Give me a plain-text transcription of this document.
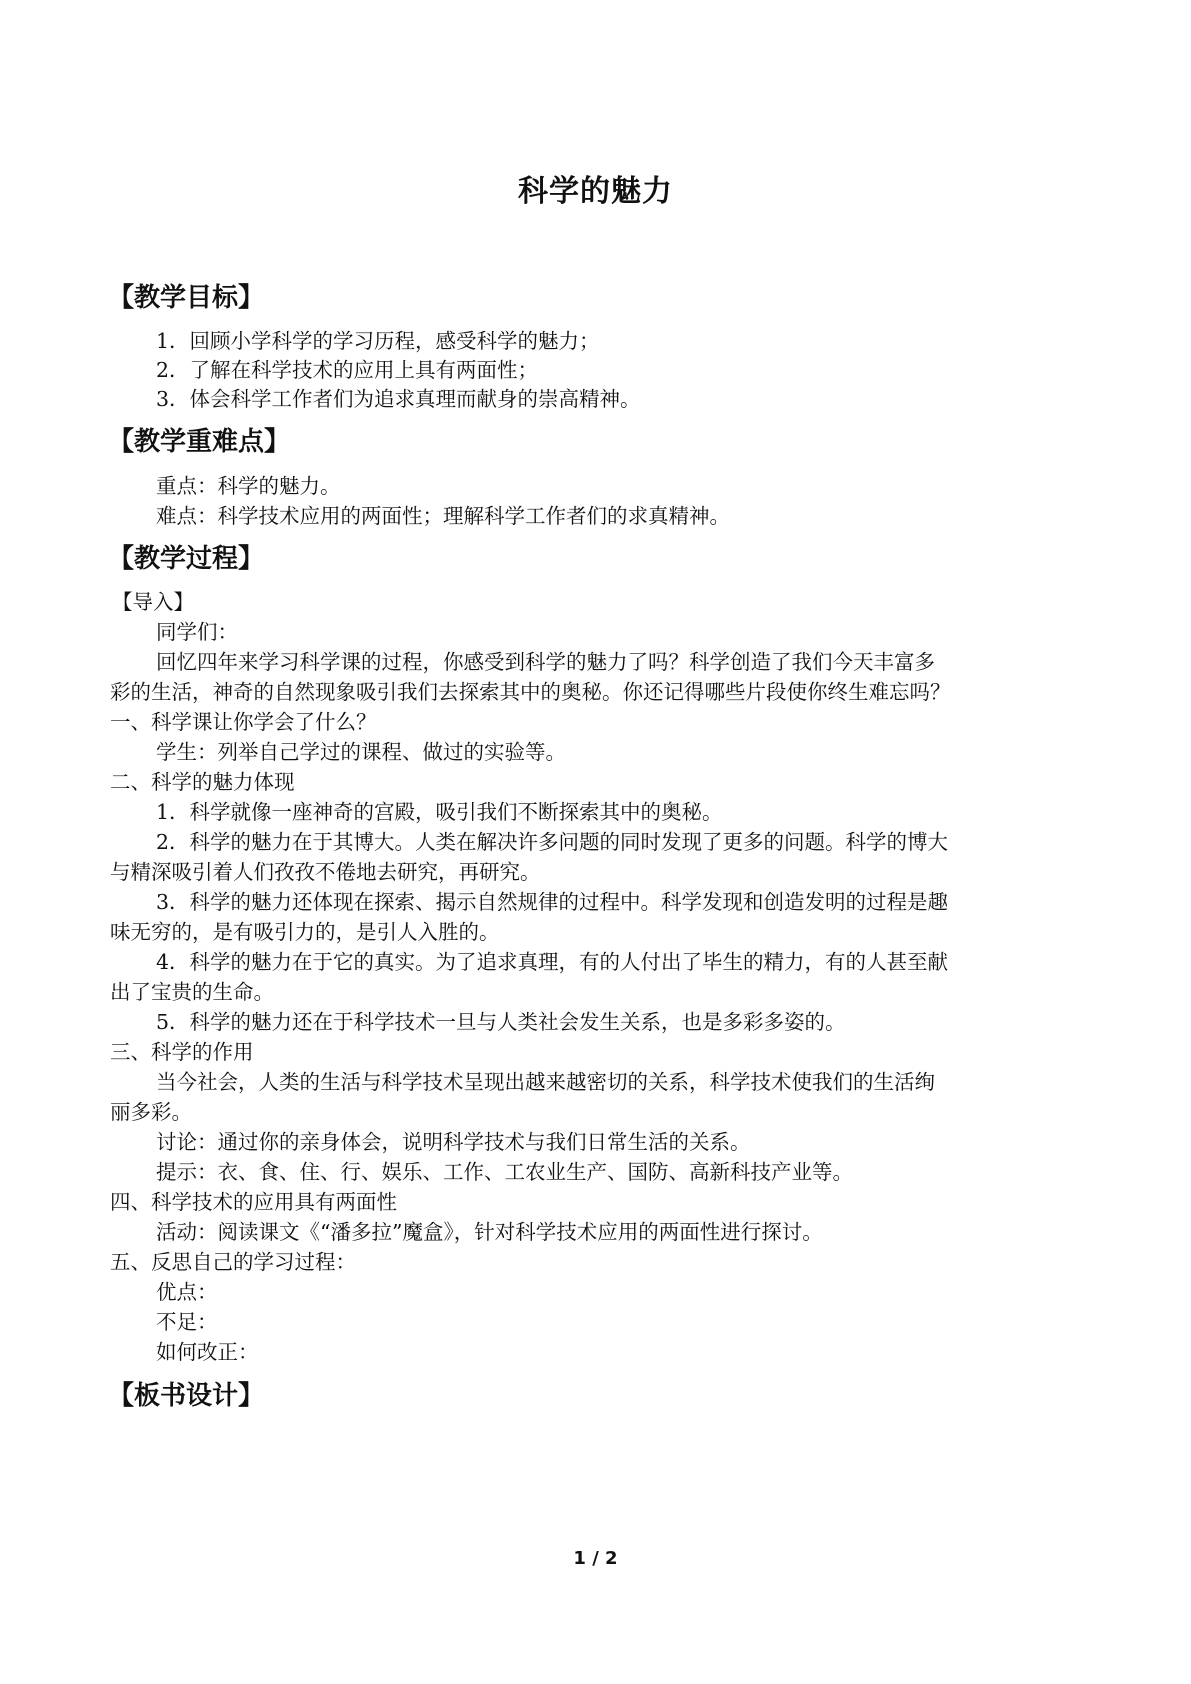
科学的魅力
【教学目标】
1．回顾小学科学的学习历程，感受科学的魅力；
2．了解在科学技术的应用上具有两面性；
3．体会科学工作者们为追求真理而献身的崇高精神。
【教学重难点】
重点：科学的魅力。
难点：科学技术应用的两面性；理解科学工作者们的求真精神。
【教学过程】
【导入】
同学们：
回忆四年来学习科学课的过程，你感受到科学的魅力了吗？科学创造了我们今天丰富多
彩的生活，神奇的自然现象吸引我们去探索其中的奥秘。你还记得哪些片段使你终生难忘吗？
一、科学课让你学会了什么？
学生：列举自己学过的课程、做过的实验等。
二、科学的魅力体现
1．科学就像一座神奇的宫殿，吸引我们不断探索其中的奥秘。
2．科学的魅力在于其博大。人类在解决许多问题的同时发现了更多的问题。科学的博大
与精深吸引着人们孜孜不倦地去研究，再研究。
3．科学的魅力还体现在探索、揭示自然规律的过程中。科学发现和创造发明的过程是趣
味无穷的，是有吸引力的，是引人入胜的。
4．科学的魅力在于它的真实。为了追求真理，有的人付出了毕生的精力，有的人甚至献
出了宝贵的生命。
5．科学的魅力还在于科学技术一旦与人类社会发生关系，也是多彩多姿的。
三、科学的作用
当今社会，人类的生活与科学技术呈现出越来越密切的关系，科学技术使我们的生活绚
丽多彩。
讨论：通过你的亲身体会，说明科学技术与我们日常生活的关系。
提示：衣、食、住、行、娱乐、工作、工农业生产、国防、高新科技产业等。
四、科学技术的应用具有两面性
活动：阅读课文《“潘多拉”魔盒》，针对科学技术应用的两面性进行探讨。
五、反思自己的学习过程：
优点：
不足：
如何改正：
【板书设计】
1 / 2
